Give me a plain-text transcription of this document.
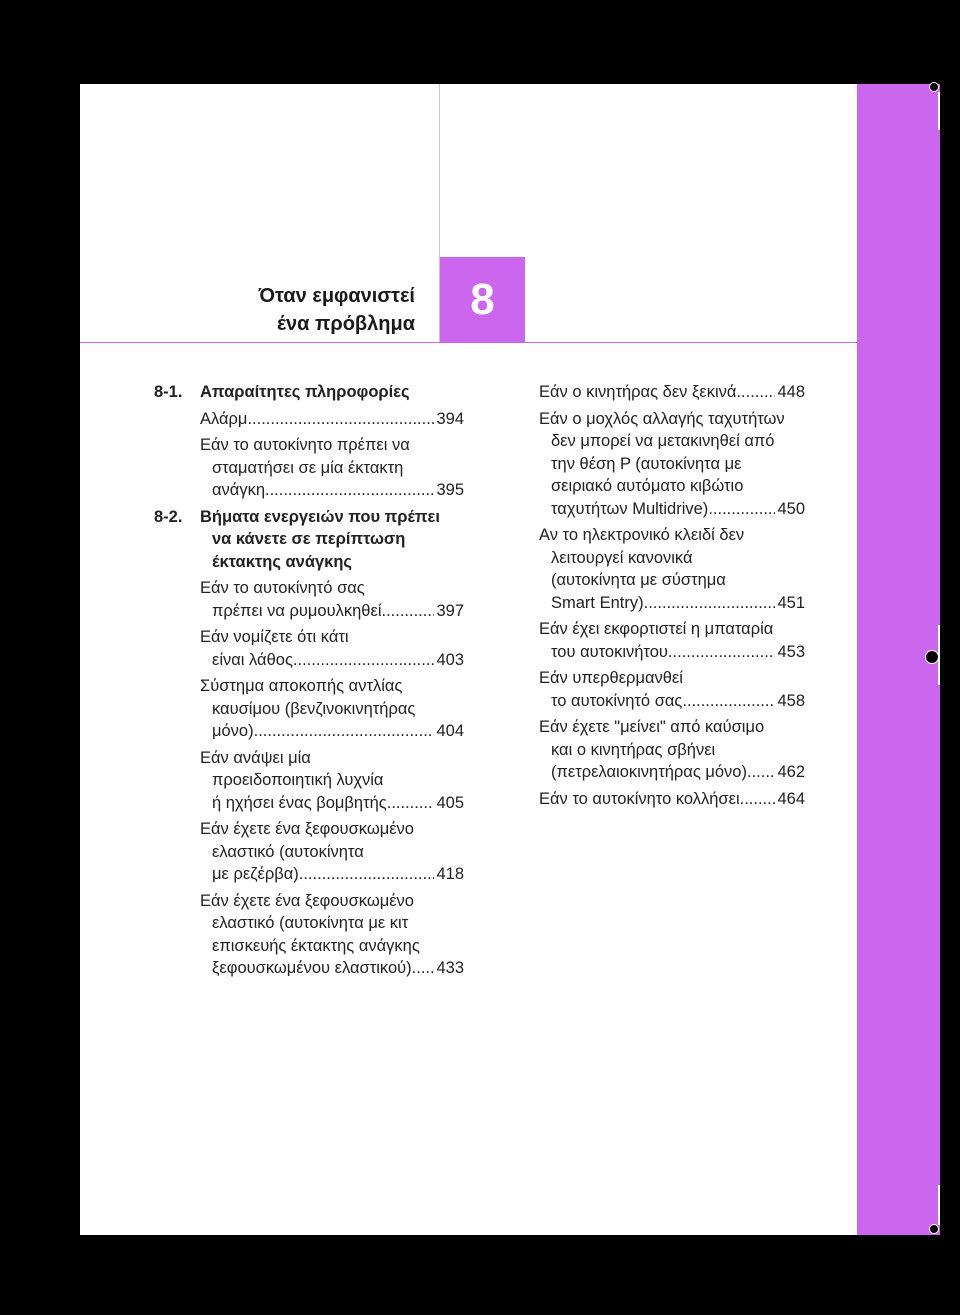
Όταν εμφανιστεί
ένα πρόβλημα 8
8-1. Απαραίτητες πληροφορίες
Αλάρμ .....	394
Εάν το αυτοκίνητο πρέπει να
σταματήσει σε μία έκτακτη
ανάγκη .....	395
8-2. Βήματα ενεργειών που πρέπει
να κάνετε σε περίπτωση
έκτακτης ανάγκης
Εάν το αυτοκίνητό σας
πρέπει να ρυμουλκηθεί .....	397
Εάν νομίζετε ότι κάτι
είναι λάθος .....	403
Σύστημα αποκοπής αντλίας
καυσίμου (βενζινοκινητήρας
μόνο) .....	404
Εάν ανάψει μία
προειδοποιητική λυχνία
ή ηχήσει ένας βομβητής .....	405
Εάν έχετε ένα ξεφουσκωμένο
ελαστικό (αυτοκίνητα
με ρεζέρβα) .....	418
Εάν έχετε ένα ξεφουσκωμένο
ελαστικό (αυτοκίνητα με κιτ
επισκευής έκτακτης ανάγκης
ξεφουσκωμένου ελαστικού) ..... 433
Εάν ο κινητήρας δεν ξεκινά ..... 448
Εάν ο μοχλός αλλαγής ταχυτήτων
δεν μπορεί να μετακινηθεί από
την θέση P (αυτοκίνητα με
σειριακό αυτόματο κιβώτιο
ταχυτήτων Multidrive) .....	450
Αν το ηλεκτρονικό κλειδί δεν
λειτουργεί κανονικά
(αυτοκίνητα με σύστημα
Smart Entry) .....	451
Εάν έχει εκφορτιστεί η μπαταρία
του αυτοκινήτου .....	453
Εάν υπερθερμανθεί
το αυτοκίνητό σας .....	458
Εάν έχετε "μείνει" από καύσιμο
και ο κινητήρας σβήνει
(πετρελαιοκινητήρας μόνο) ..... 462
Εάν το αυτοκίνητο κολλήσει ..... 464
